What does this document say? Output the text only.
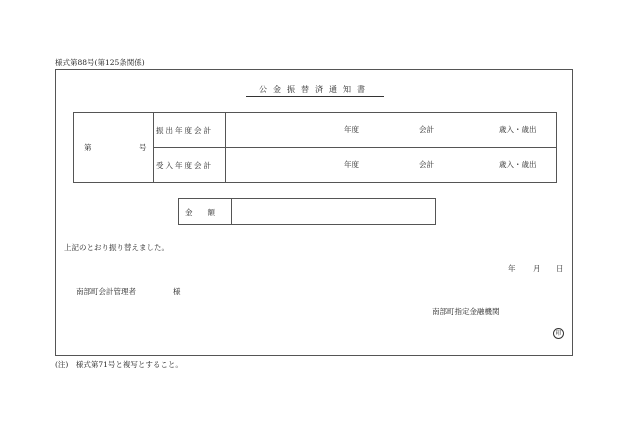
様式第88号(第125条関係)
公金振替済通知書
第 号	振出年度会計	年度 会計 歳入・歳出

	受入年度会計	年度 会計 歳入・歳出
金　　額
上記のとおり振り替えました。
年 月 日
南部町会計管理者	様
南部町指定金融機関
印
(注)　様式第71号と複写とすること。
